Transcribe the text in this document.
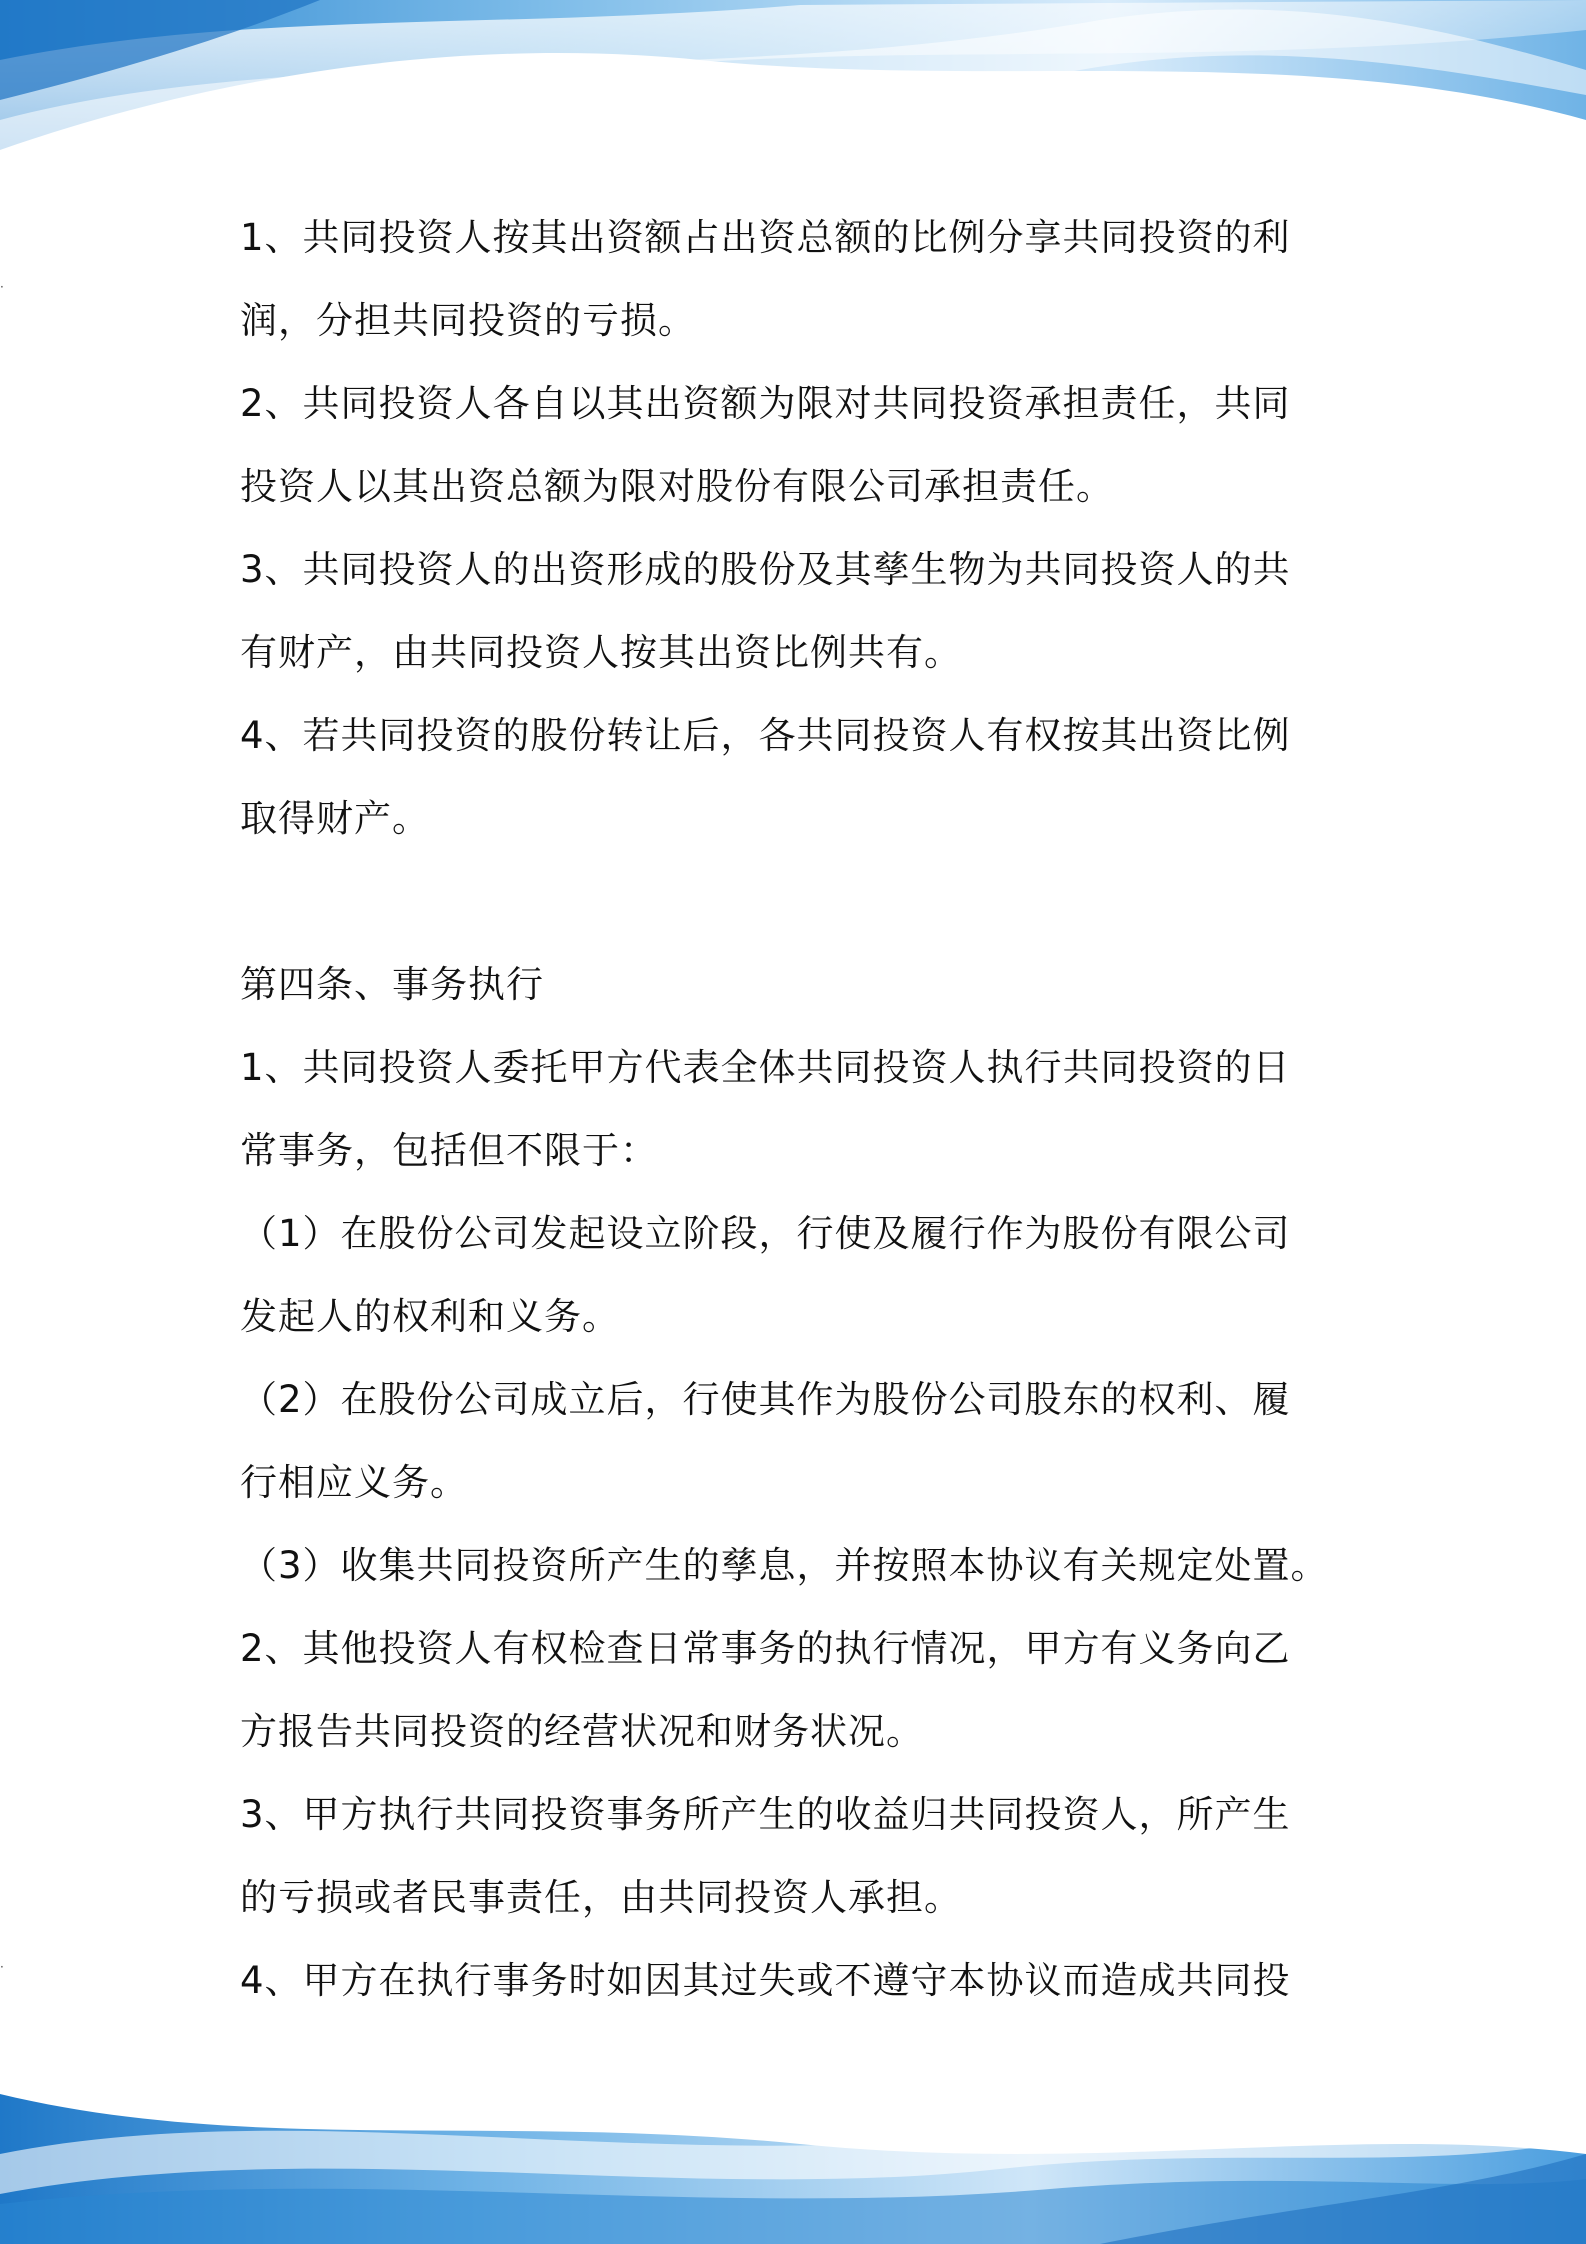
·
·
1、共同投资人按其出资额占出资总额的比例分享共同投资的利
润，分担共同投资的亏损。
2、共同投资人各自以其出资额为限对共同投资承担责任，共同
投资人以其出资总额为限对股份有限公司承担责任。
3、共同投资人的出资形成的股份及其孳生物为共同投资人的共
有财产，由共同投资人按其出资比例共有。
4、若共同投资的股份转让后，各共同投资人有权按其出资比例
取得财产。
第四条、事务执行
1、共同投资人委托甲方代表全体共同投资人执行共同投资的日
常事务，包括但不限于：
（1）在股份公司发起设立阶段，行使及履行作为股份有限公司
发起人的权利和义务。
（2）在股份公司成立后，行使其作为股份公司股东的权利、履
行相应义务。
（3）收集共同投资所产生的孳息，并按照本协议有关规定处置。
2、其他投资人有权检查日常事务的执行情况，甲方有义务向乙
方报告共同投资的经营状况和财务状况。
3、甲方执行共同投资事务所产生的收益归共同投资人，所产生
的亏损或者民事责任，由共同投资人承担。
4、甲方在执行事务时如因其过失或不遵守本协议而造成共同投
